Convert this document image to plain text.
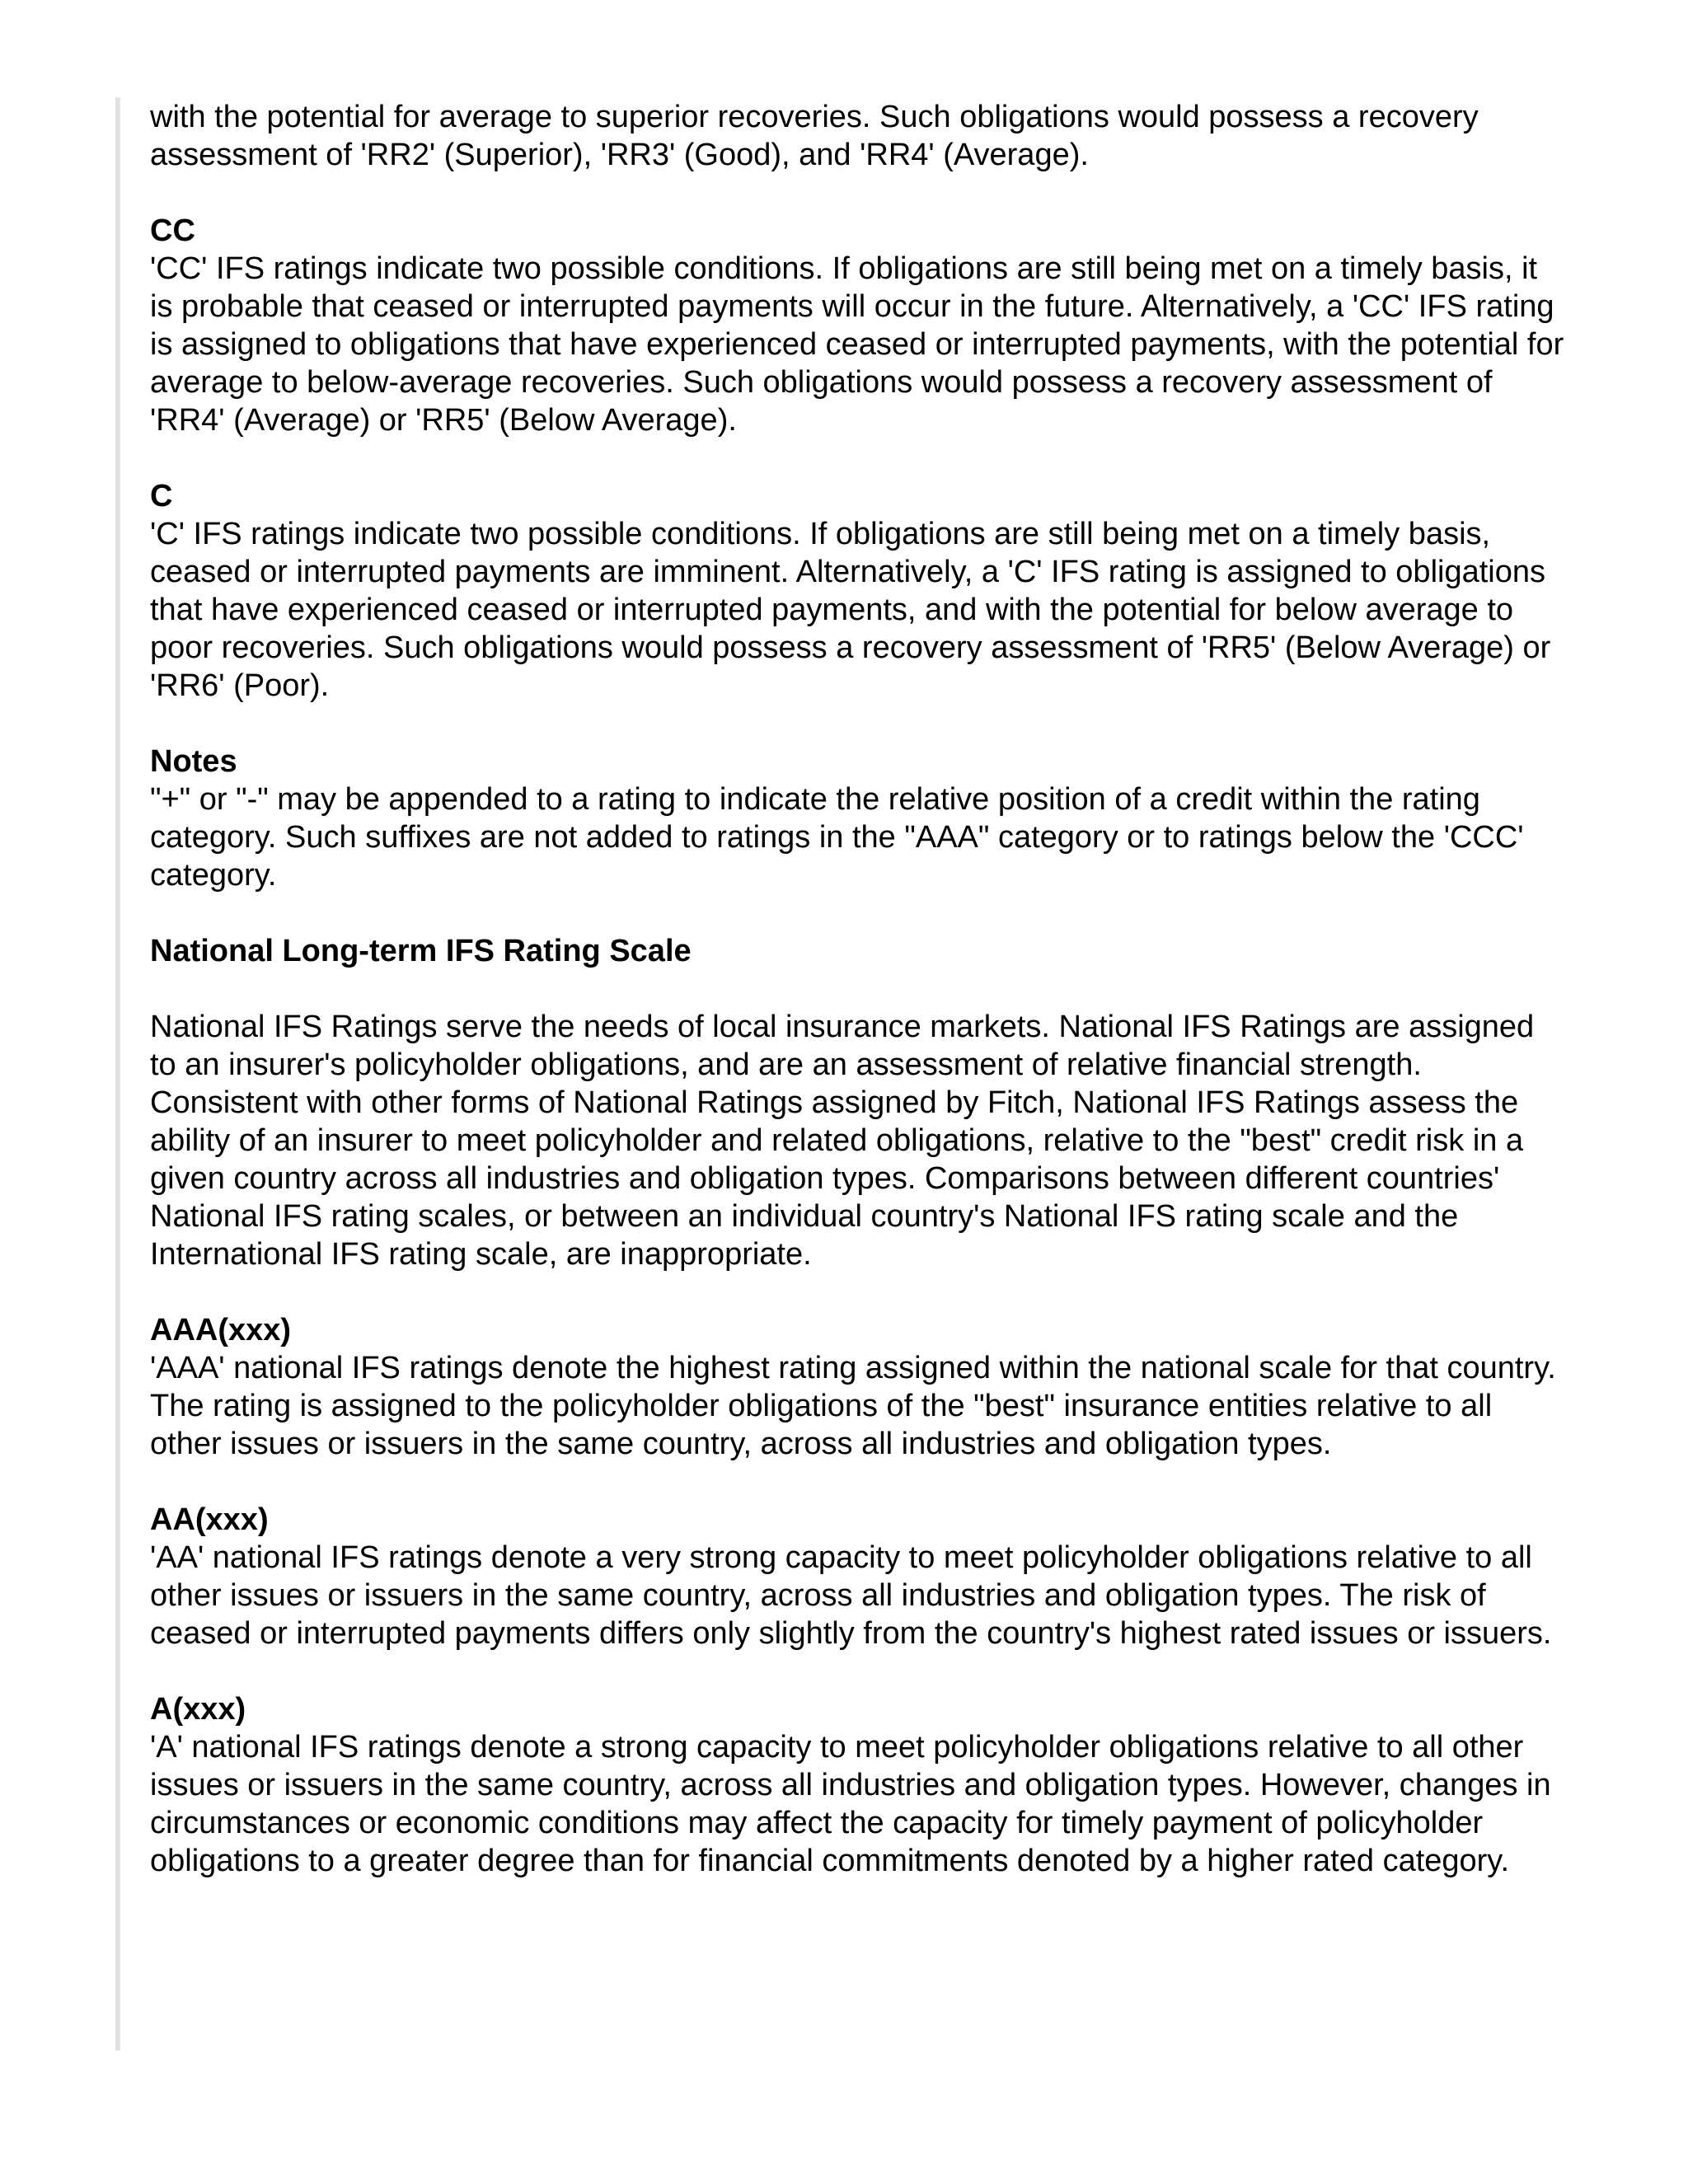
with the potential for average to superior recoveries. Such obligations would possess a recovery assessment of 'RR2' (Superior), 'RR3' (Good), and 'RR4' (Average).

CC

'CC' IFS ratings indicate two possible conditions. If obligations are still being met on a timely basis, it is probable that ceased or interrupted payments will occur in the future. Alternatively, a 'CC' IFS rating is assigned to obligations that have experienced ceased or interrupted payments, with the potential for average to below-average recoveries. Such obligations would possess a recovery assessment of 'RR4' (Average) or 'RR5' (Below Average).

C

'C' IFS ratings indicate two possible conditions. If obligations are still being met on a timely basis, ceased or interrupted payments are imminent. Alternatively, a 'C' IFS rating is assigned to obligations that have experienced ceased or interrupted payments, and with the potential for below average to poor recoveries. Such obligations would possess a recovery assessment of 'RR5' (Below Average) or 'RR6' (Poor).

Notes

"+" or "-" may be appended to a rating to indicate the relative position of a credit within the rating category. Such suffixes are not added to ratings in the "AAA" category or to ratings below the 'CCC' category.

National Long-term IFS Rating Scale

National IFS Ratings serve the needs of local insurance markets. National IFS Ratings are assigned to an insurer's policyholder obligations, and are an assessment of relative financial strength. Consistent with other forms of National Ratings assigned by Fitch, National IFS Ratings assess the ability of an insurer to meet policyholder and related obligations, relative to the "best" credit risk in a given country across all industries and obligation types. Comparisons between different countries' National IFS rating scales, or between an individual country's National IFS rating scale and the International IFS rating scale, are inappropriate.

AAA(xxx)

'AAA' national IFS ratings denote the highest rating assigned within the national scale for that country. The rating is assigned to the policyholder obligations of the "best" insurance entities relative to all other issues or issuers in the same country, across all industries and obligation types.

AA(xxx)

'AA' national IFS ratings denote a very strong capacity to meet policyholder obligations relative to all other issues or issuers in the same country, across all industries and obligation types. The risk of ceased or interrupted payments differs only slightly from the country's highest rated issues or issuers.

A(xxx)

'A' national IFS ratings denote a strong capacity to meet policyholder obligations relative to all other issues or issuers in the same country, across all industries and obligation types. However, changes in circumstances or economic conditions may affect the capacity for timely payment of policyholder obligations to a greater degree than for financial commitments denoted by a higher rated category.
